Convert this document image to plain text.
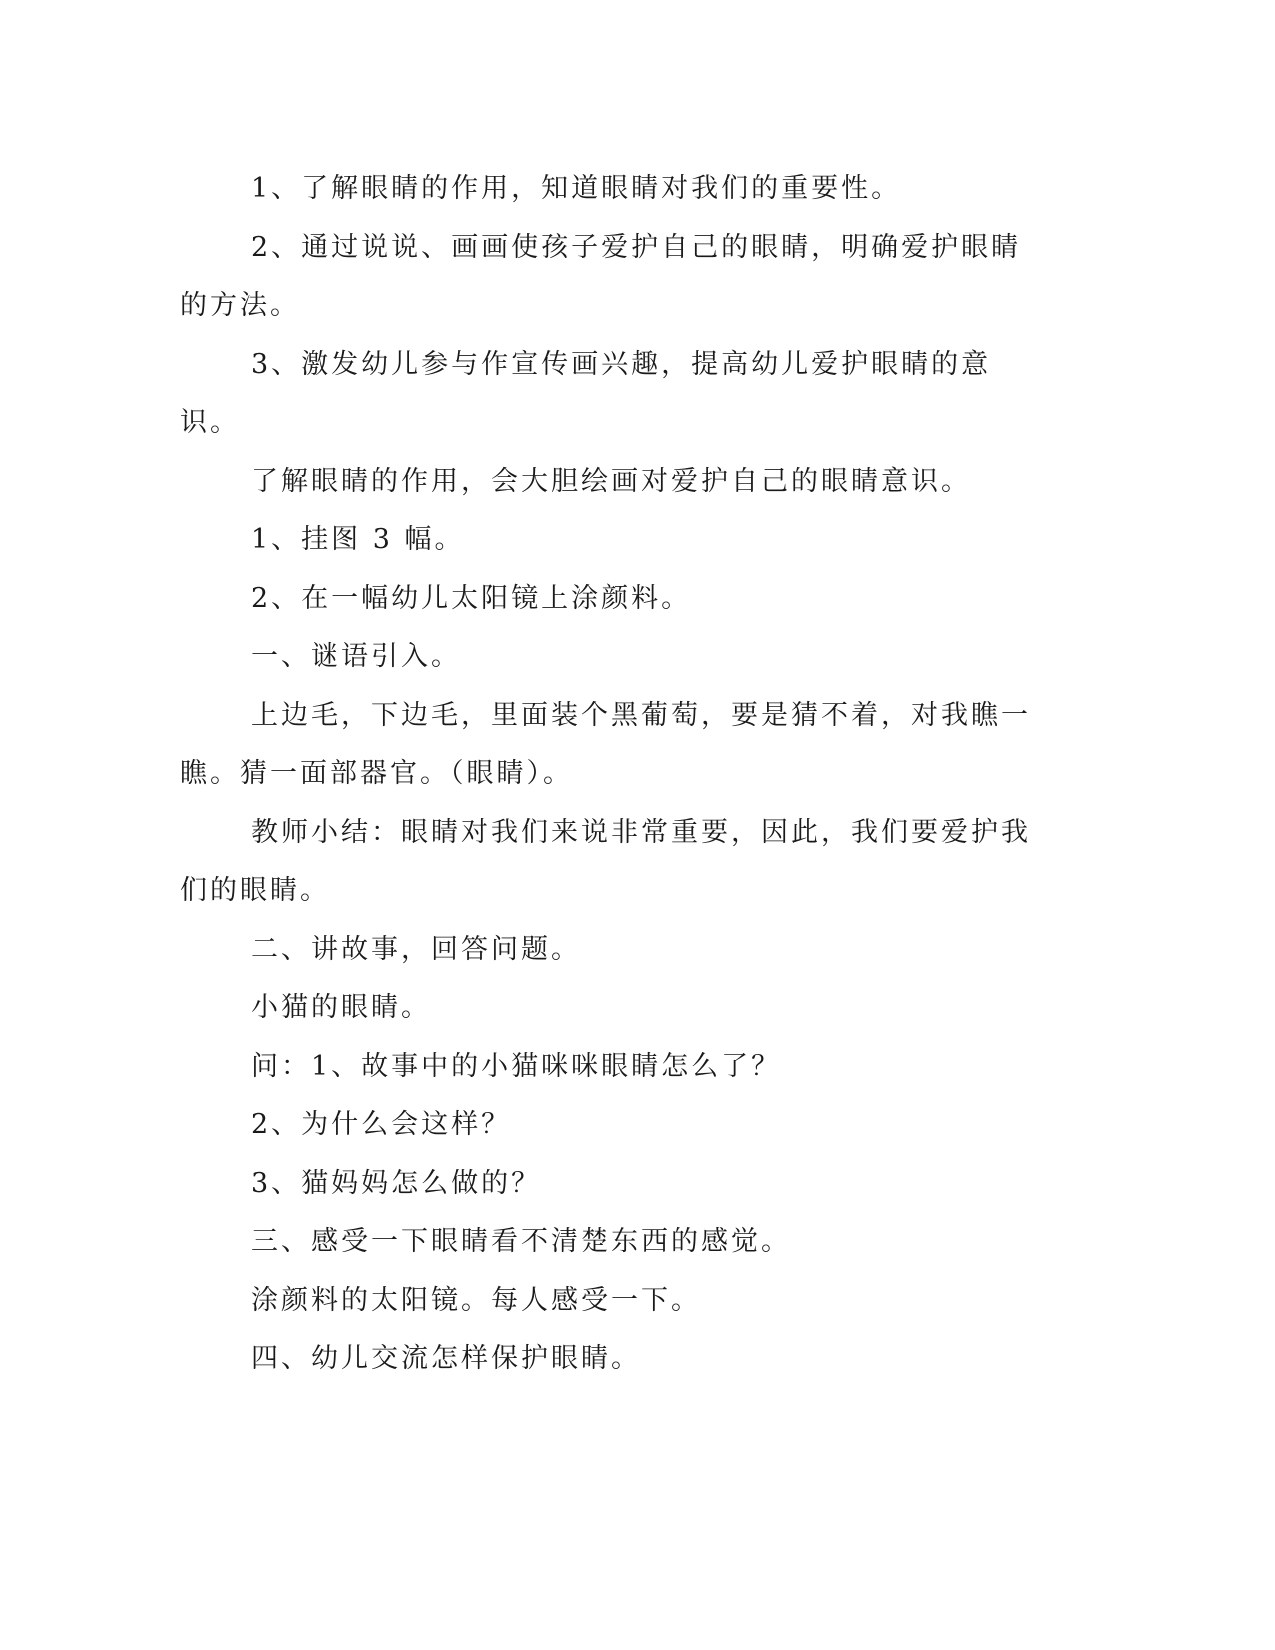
1、了解眼睛的作用，知道眼睛对我们的重要性。

2、通过说说、画画使孩子爱护自己的眼睛，明确爱护眼睛的方法。

3、激发幼儿参与作宣传画兴趣，提高幼儿爱护眼睛的意识。

了解眼睛的作用，会大胆绘画对爱护自己的眼睛意识。

1、挂图 3 幅。

2、在一幅幼儿太阳镜上涂颜料。

一、谜语引入。

上边毛，下边毛，里面装个黑葡萄，要是猜不着，对我瞧一瞧。猜一面部器官。（眼睛）。

教师小结：眼睛对我们来说非常重要，因此，我们要爱护我们的眼睛。

二、讲故事，回答问题。

小猫的眼睛。

问：1、故事中的小猫咪咪眼睛怎么了？

2、为什么会这样？

3、猫妈妈怎么做的？

三、感受一下眼睛看不清楚东西的感觉。

涂颜料的太阳镜。每人感受一下。

四、幼儿交流怎样保护眼睛。
